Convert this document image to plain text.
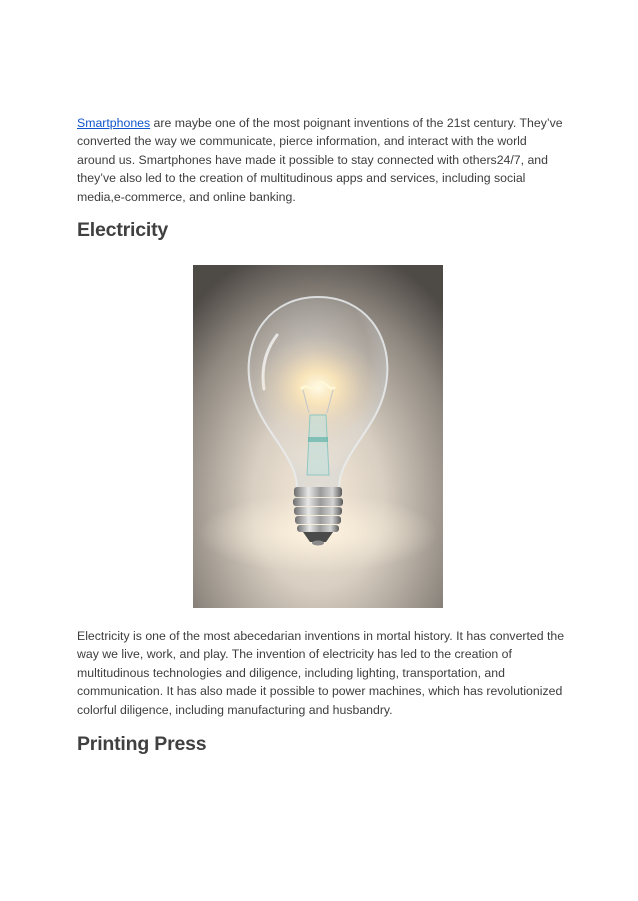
Smartphones are maybe one of the most poignant inventions of the 21st century. They’ve converted the way we communicate, pierce information, and interact with the world around us. Smartphones have made it possible to stay connected with others24/7, and they’ve also led to the creation of multitudinous apps and services, including social media,e-commerce, and online banking.

Electricity

Electricity is one of the most abecedarian inventions in mortal history. It has converted the way we live, work, and play. The invention of electricity has led to the creation of multitudinous technologies and diligence, including lighting, transportation, and communication. It has also made it possible to power machines, which has revolutionized colorful diligence, including manufacturing and husbandry.

Printing Press
